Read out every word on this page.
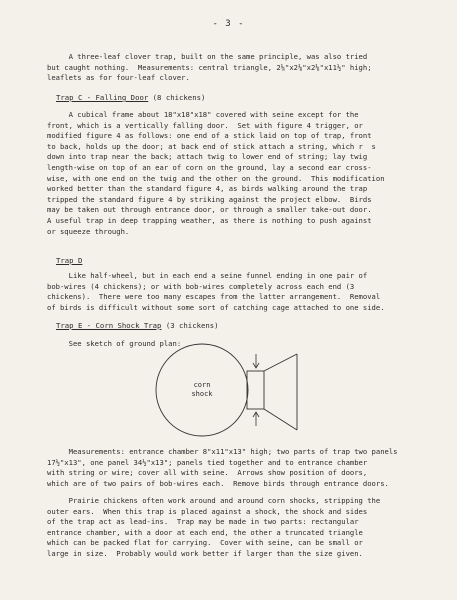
- 3 -
A three-leaf clover trap, built on the same principle, was also tried
but caught nothing.  Measurements: central triangle, 2⅛"x2⅛"x2⅛"x11½" high;
leaflets as for four-leaf clover.
Trap C - Falling Door (8 chickens)
A cubical frame about 18"x18"x18" covered with seine except for the
front, which is a vertically falling door.  Set with figure 4 trigger, or
modified figure 4 as follows: one end of a stick laid on top of trap, front
to back, holds up the door; at back end of stick attach a string, which r  s
down into trap near the back; attach twig to lower end of string; lay twig
length-wise on top of an ear of corn on the ground, lay a second ear cross-
wise, with one end on the twig and the other on the ground.  This modification
worked better than the standard figure 4, as birds walking around the trap
tripped the standard figure 4 by striking against the project elbow.  Birds
may be taken out through entrance door, or through a smaller take-out door.
A useful trap in deep trapping weather, as there is nothing to push against
or squeeze through.
Trap D
Like half-wheel, but in each end a seine funnel ending in one pair of
bob-wires (4 chickens); or with bob-wires completely across each end (3
chickens).  There were too many escapes from the latter arrangement.  Removal
of birds is difficult without some sort of catching cage attached to one side.
Trap E - Corn Shock Trap (3 chickens)
See sketch of ground plan:
corn
shock
Measurements: entrance chamber 8"x11"x13" high; two parts of trap two panels
17½"x13", one panel 34½"x13"; panels tied together and to entrance chamber
with string or wire; cover all with seine.  Arrows show position of doors,
which are of two pairs of bob-wires each.  Remove birds through entrance doors.
Prairie chickens often work around and around corn shocks, stripping the
outer ears.  When this trap is placed against a shock, the shock and sides
of the trap act as lead-ins.  Trap may be made in two parts: rectangular
entrance chamber, with a door at each end, the other a truncated triangle
which can be packed flat for carrying.  Cover with seine, can be small or
large in size.  Probably would work better if larger than the size given.
